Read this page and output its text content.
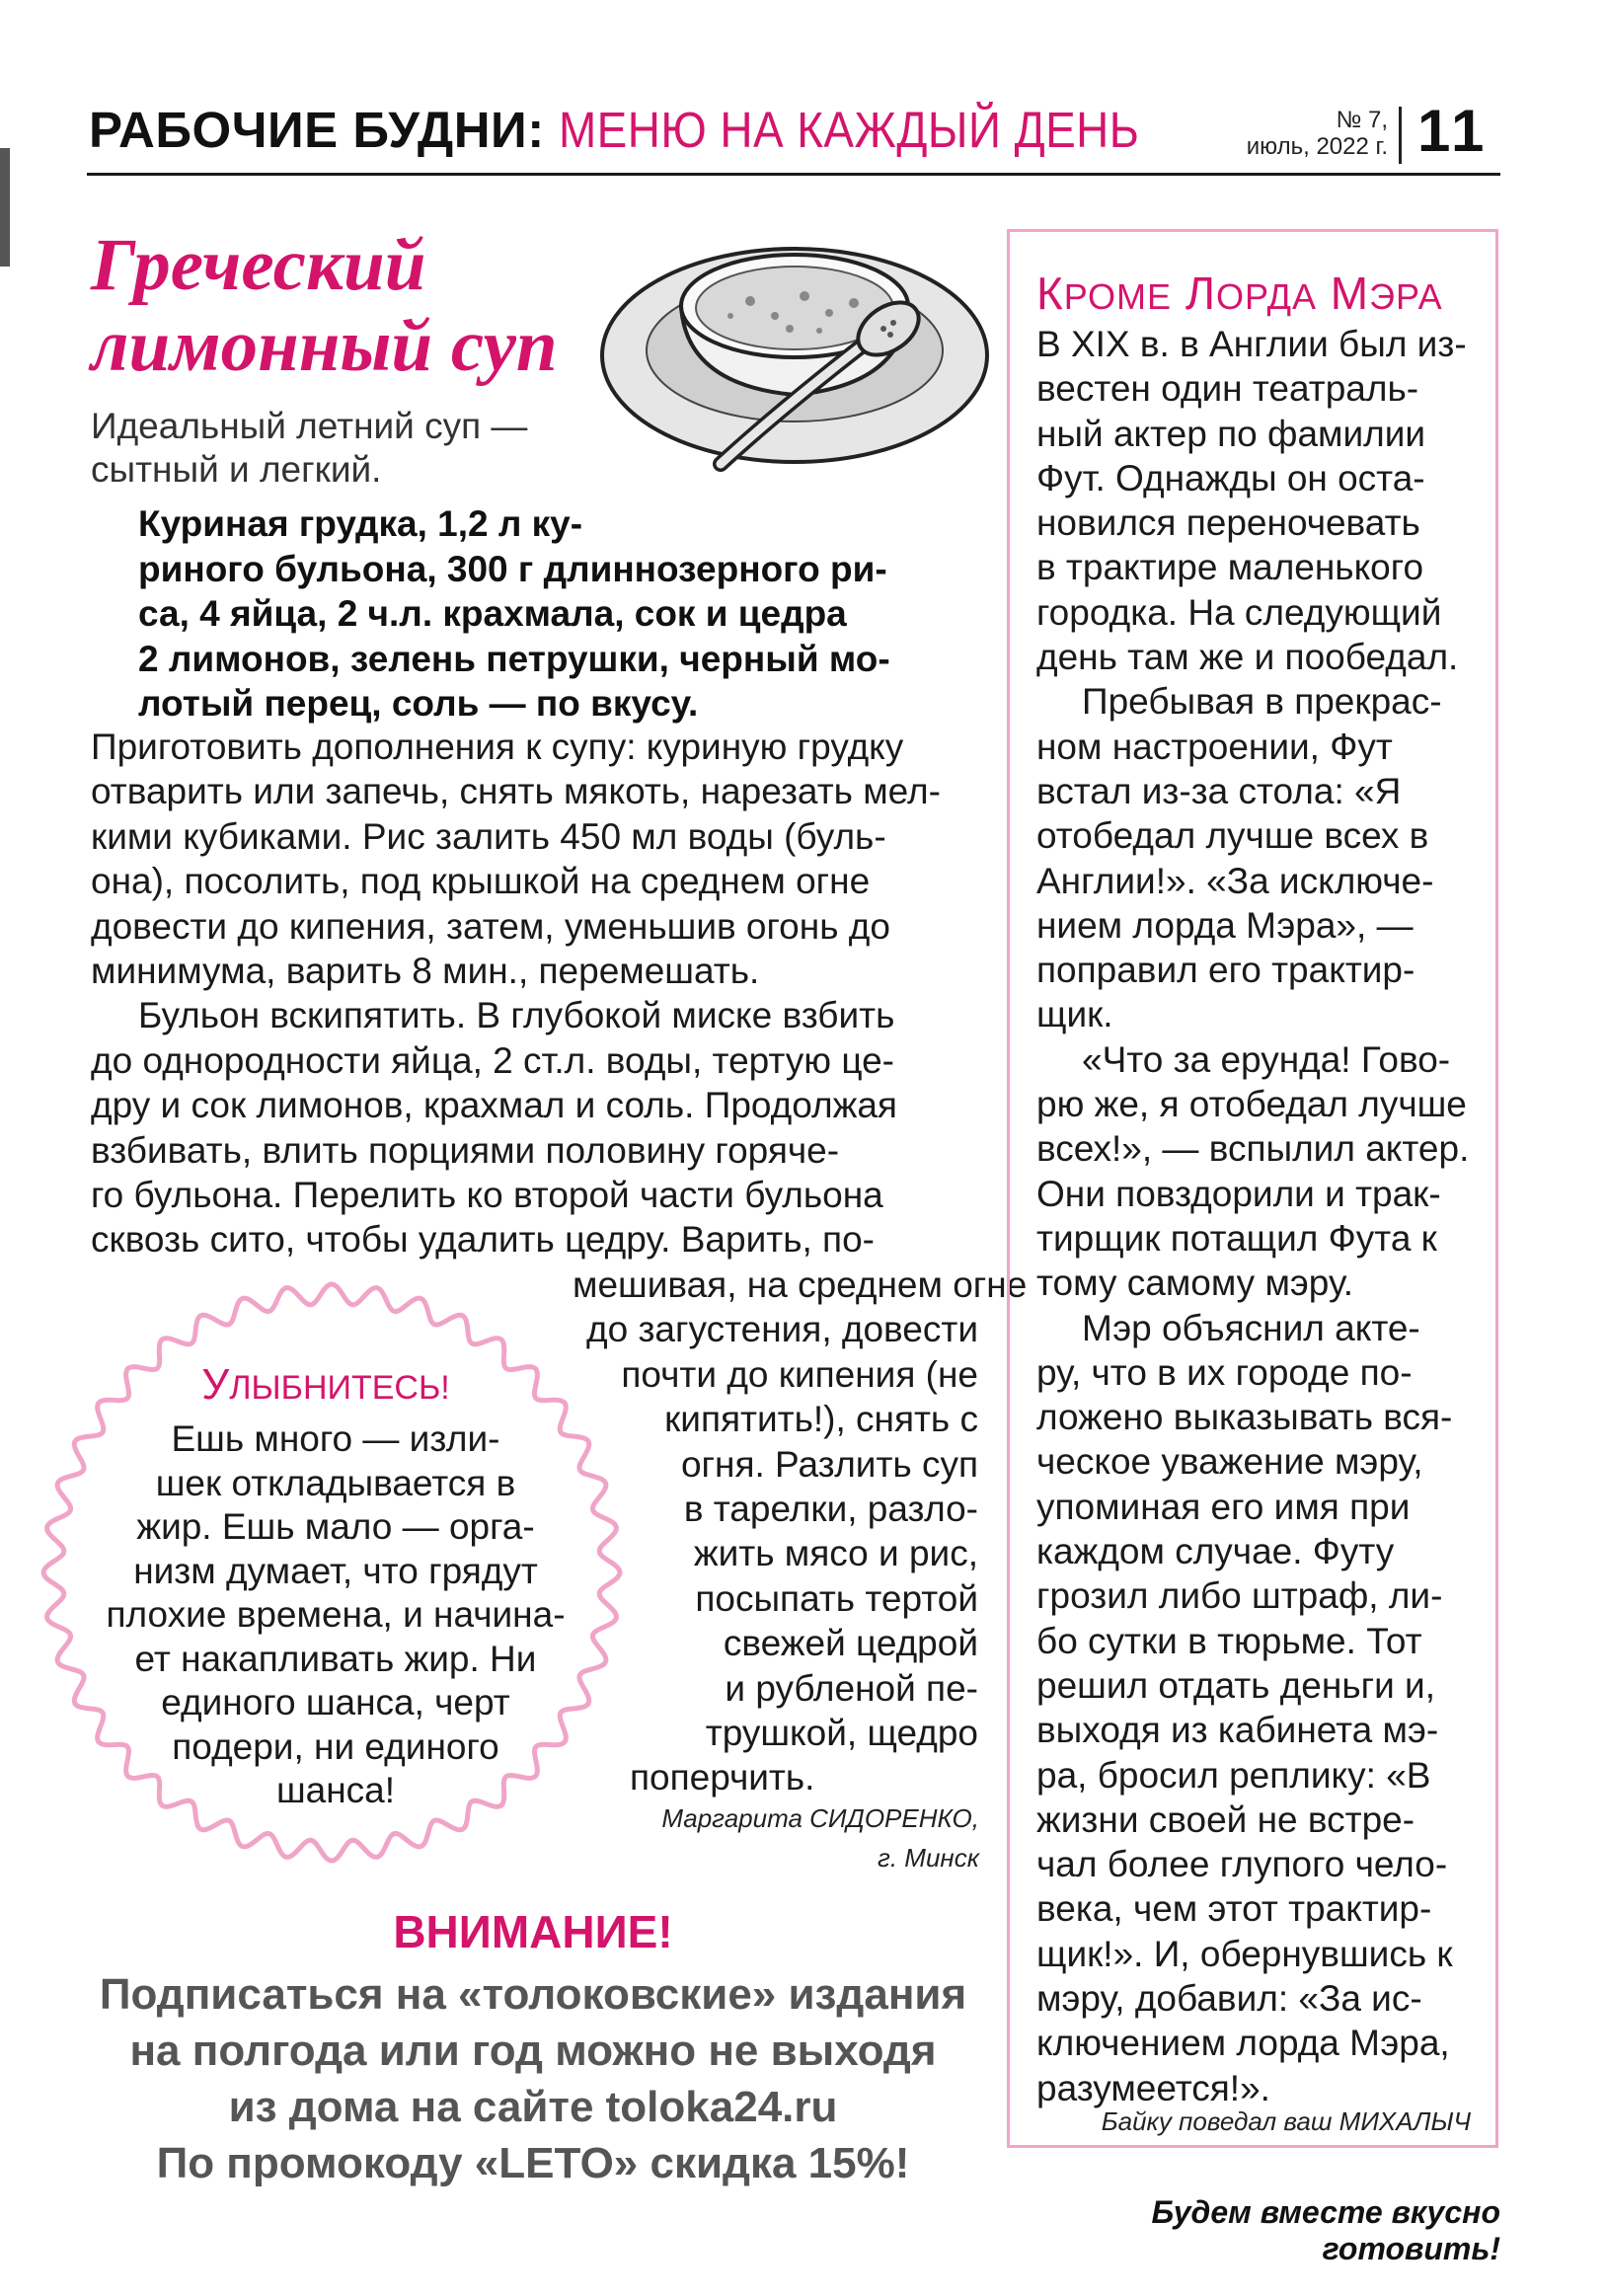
РАБОЧИЕ БУДНИ: МЕНЮ НА КАЖДЫЙ ДЕНЬ	№ 7,
июль, 2022 г. 11
Греческий
лимонный суп
Идеальный летний суп —
сытный и легкий.
Куриная грудка, 1,2 л ку-
риного бульона, 300 г длиннозерного ри-
са, 4 яйца, 2 ч.л. крахмала, сок и цедра
2 лимонов, зелень петрушки, черный мо-
лотый перец, соль — по вкусу.
Приготовить дополнения к супу: куриную грудку
отварить или запечь, снять мякоть, нарезать мел-
кими кубиками. Рис залить 450 мл воды (буль-
она), посолить, под крышкой на среднем огне
довести до кипения, затем, уменьшив огонь до
минимума, варить 8 мин., перемешать.
Бульон вскипятить. В глубокой миске взбить
до однородности яйца, 2 ст.л. воды, тертую це-
дру и сок лимонов, крахмал и соль. Продолжая
взбивать, влить порциями половину горяче-
го бульона. Перелить ко второй части бульона
сквозь сито, чтобы удалить цедру. Варить, по-
мешивая, на среднем огне
до загустения, довести
почти до кипения (не
кипятить!), снять с
огня. Разлить суп
в тарелки, разло-
жить мясо и рис,
посыпать тертой
свежей цедрой
и рубленой пе-
трушкой, щедро
поперчить.
Маргарита СИДОРЕНКО,
г. Минск
УЛЫБНИТЕСЬ!
Ешь много — изли-
шек откладывается в
жир. Ешь мало — орга-
низм думает, что грядут
плохие времена, и начина-
ет накапливать жир. Ни
единого шанса, черт
подери, ни единого
шанса!
КРОМЕ ЛОРДА МЭРА
В XIX в. в Англии был из-
вестен один театраль-
ный актер по фамилии
Фут. Однажды он оста-
новился переночевать
в трактире маленького
городка. На следующий
день там же и пообедал.
Пребывая в прекрас-
ном настроении, Фут
встал из-за стола: «Я
отобедал лучше всех в
Англии!». «За исключе-
нием лорда Мэра», —
поправил его трактир-
щик.
«Что за ерунда! Гово-
рю же, я отобедал лучше
всех!», — вспылил актер.
Они повздорили и трак-
тирщик потащил Фута к
тому самому мэру.
Мэр объяснил акте-
ру, что в их городе по-
ложено выказывать вся-
ческое уважение мэру,
упоминая его имя при
каждом случае. Футу
грозил либо штраф, ли-
бо сутки в тюрьме. Тот
решил отдать деньги и,
выходя из кабинета мэ-
ра, бросил реплику: «В
жизни своей не встре-
чал более глупого чело-
века, чем этот трактир-
щик!». И, обернувшись к
мэру, добавил: «За ис-
ключением лорда Мэра,
разумеется!».
Байку поведал ваш МИХАЛЫЧ
ВНИМАНИЕ!
Подписаться на «толоковские» издания
на полгода или год можно не выходя
из дома на сайте toloka24.ru
По промокоду «LETO» скидка 15%!
Будем вместе вкусно готовить!
